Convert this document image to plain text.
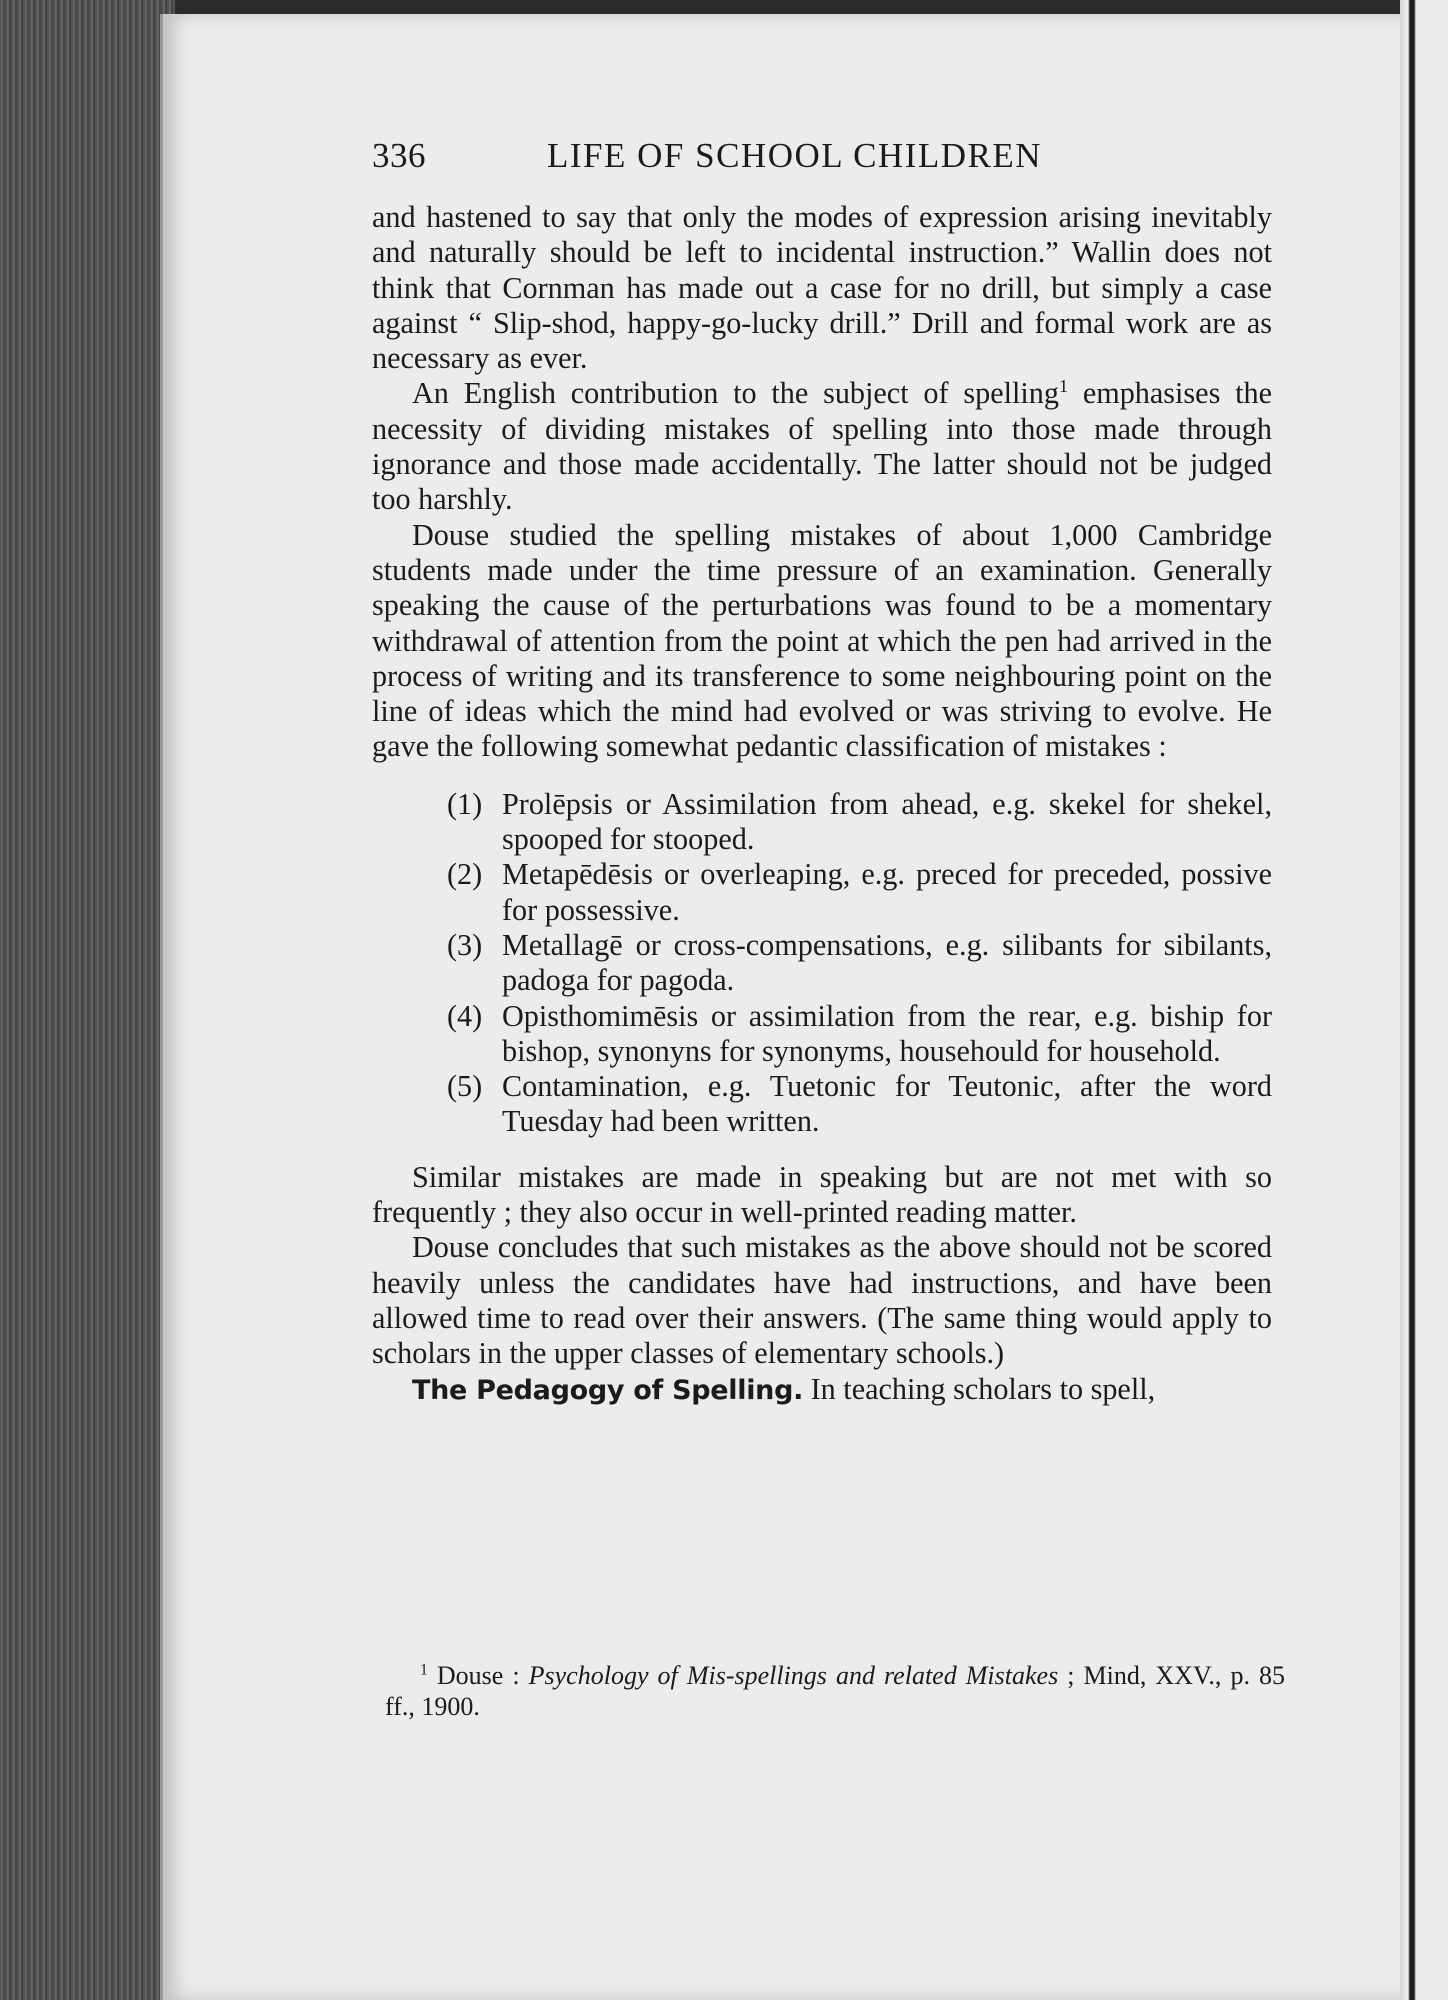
336	LIFE OF SCHOOL CHILDREN

and hastened to say that only the modes of expression arising inevitably and naturally should be left to incidental instruction.” Wallin does not think that Cornman has made out a case for no drill, but simply a case against “ Slip-shod, happy-go-lucky drill.” Drill and formal work are as necessary as ever.

An English contribution to the subject of spelling$^1$ emphasises the necessity of dividing mistakes of spelling into those made through ignorance and those made accidentally. The latter should not be judged too harshly.

Douse studied the spelling mistakes of about 1,000 Cambridge students made under the time pressure of an examination. Generally speaking the cause of the perturbations was found to be a momentary withdrawal of attention from the point at which the pen had arrived in the process of writing and its transference to some neighbouring point on the line of ideas which the mind had evolved or was striving to evolve. He gave the following somewhat pedantic classification of mistakes :

(1) Prolēpsis or Assimilation from ahead, e.g. skekel for shekel, spooped for stooped.
(2) Metapēdēsis or overleaping, e.g. preced for preceded, possive for possessive.
(3) Metallagē or cross-compensations, e.g. silibants for sibilants, padoga for pagoda.
(4) Opisthomimēsis or assimilation from the rear, e.g. biship for bishop, synonyns for synonyms, househould for household.
(5) Contamination, e.g. Tuetonic for Teutonic, after the word Tuesday had been written.

Similar mistakes are made in speaking but are not met with so frequently ; they also occur in well-printed reading matter.

Douse concludes that such mistakes as the above should not be scored heavily unless the candidates have had instructions, and have been allowed time to read over their answers. (The same thing would apply to scholars in the upper classes of elementary schools.)

The Pedagogy of Spelling. In teaching scholars to spell,

$^1$ Douse : Psychology of Mis-spellings and related Mistakes ; Mind, XXV., p. 85 ff., 1900.
